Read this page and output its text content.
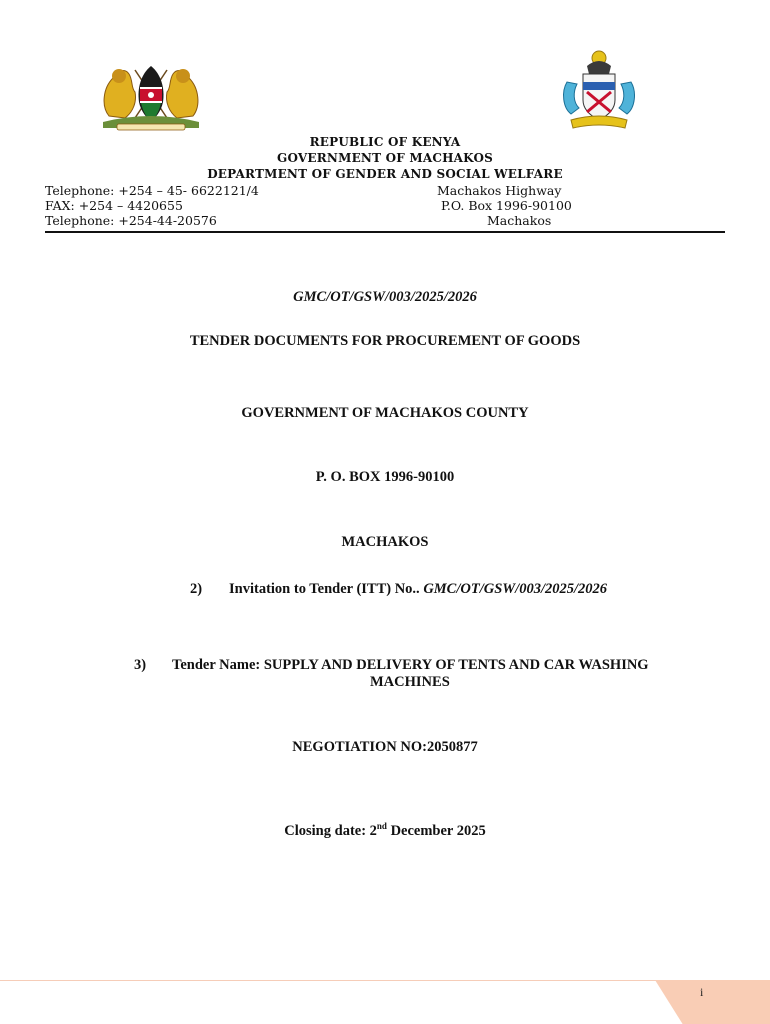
REPUBLIC OF KENYA
GOVERNMENT OF MACHAKOS
DEPARTMENT OF GENDER AND SOCIAL WELFARE
Telephone: +254 – 45- 6622121/4
FAX: +254 – 4420655
Telephone: +254-44-20576
Machakos Highway
P.O. Box 1996-90100
Machakos
GMC/OT/GSW/003/2025/2026
TENDER DOCUMENTS FOR PROCUREMENT OF GOODS
GOVERNMENT OF MACHAKOS COUNTY
P. O. BOX 1996-90100
MACHAKOS
2) Invitation to Tender (ITT) No.. GMC/OT/GSW/003/2025/2026
3) Tender Name: SUPPLY AND DELIVERY OF TENTS AND CAR WASHING
MACHINES
NEGOTIATION NO:2050877
Closing date: 2nd December 2025
i
